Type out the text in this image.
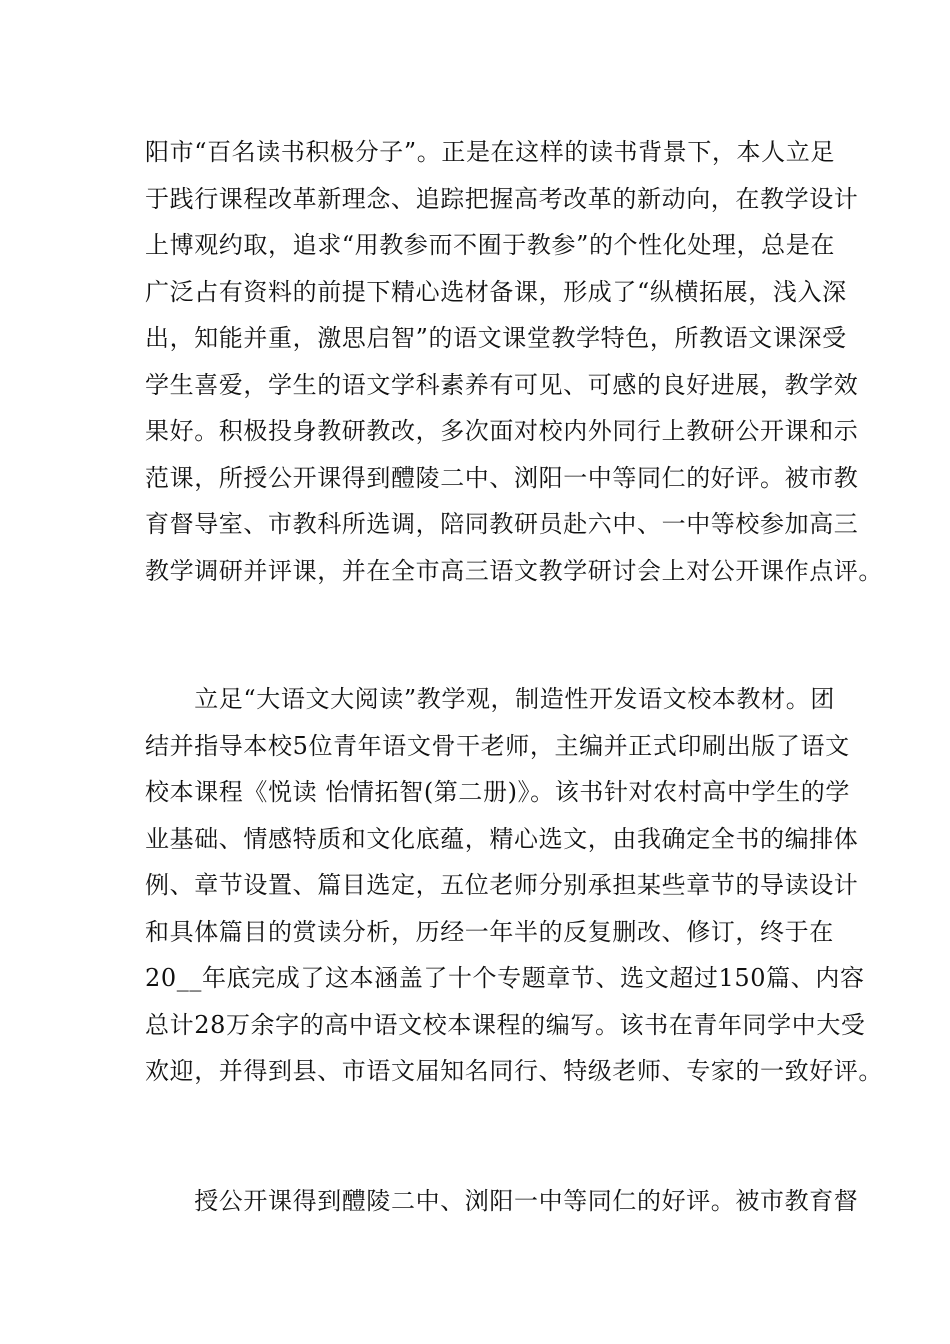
阳市“百名读书积极分子”。正是在这样的读书背景下，本人立足
于践行课程改革新理念、追踪把握高考改革的新动向，在教学设计
上博观约取，追求“用教参而不囿于教参”的个性化处理，总是在
广泛占有资料的前提下精心选材备课，形成了“纵横拓展，浅入深
出，知能并重，激思启智”的语文课堂教学特色，所教语文课深受
学生喜爱，学生的语文学科素养有可见、可感的良好进展，教学效
果好。积极投身教研教改，多次面对校内外同行上教研公开课和示
范课，所授公开课得到醴陵二中、浏阳一中等同仁的好评。被市教
育督导室、市教科所选调，陪同教研员赴六中、一中等校参加高三
教学调研并评课，并在全市高三语文教学研讨会上对公开课作点评。

　　立足“大语文大阅读”教学观，制造性开发语文校本教材。团
结并指导本校5位青年语文骨干老师，主编并正式印刷出版了语文
校本课程《悦读 怡情拓智(第二册)》。该书针对农村高中学生的学
业基础、情感特质和文化底蕴，精心选文，由我确定全书的编排体
例、章节设置、篇目选定，五位老师分别承担某些章节的导读设计
和具体篇目的赏读分析，历经一年半的反复删改、修订，终于在
20__年底完成了这本涵盖了十个专题章节、选文超过150篇、内容
总计28万余字的高中语文校本课程的编写。该书在青年同学中大受
欢迎，并得到县、市语文届知名同行、特级老师、专家的一致好评。

　　授公开课得到醴陵二中、浏阳一中等同仁的好评。被市教育督
